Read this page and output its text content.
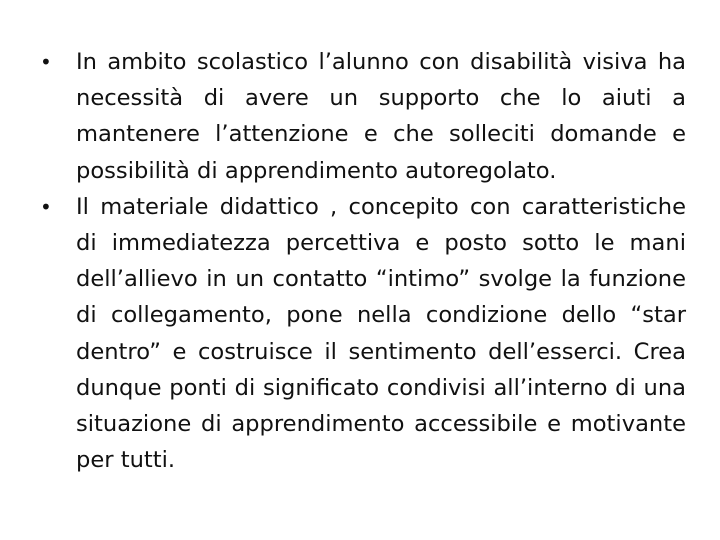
• In ambito scolastico l’alunno con disabilità visiva ha necessità di avere un supporto che lo aiuti a mantenere l’attenzione e che solleciti domande e possibilità di apprendimento autoregolato.
• Il materiale didattico , concepito con caratteristiche di immediatezza percettiva e posto sotto le mani dell’allievo in un contatto “intimo” svolge la funzione di collegamento, pone nella condizione dello “star dentro” e costruisce il sentimento dell’esserci. Crea dunque ponti di significato condivisi all’interno di una situazione di apprendimento accessibile e motivante per tutti.
